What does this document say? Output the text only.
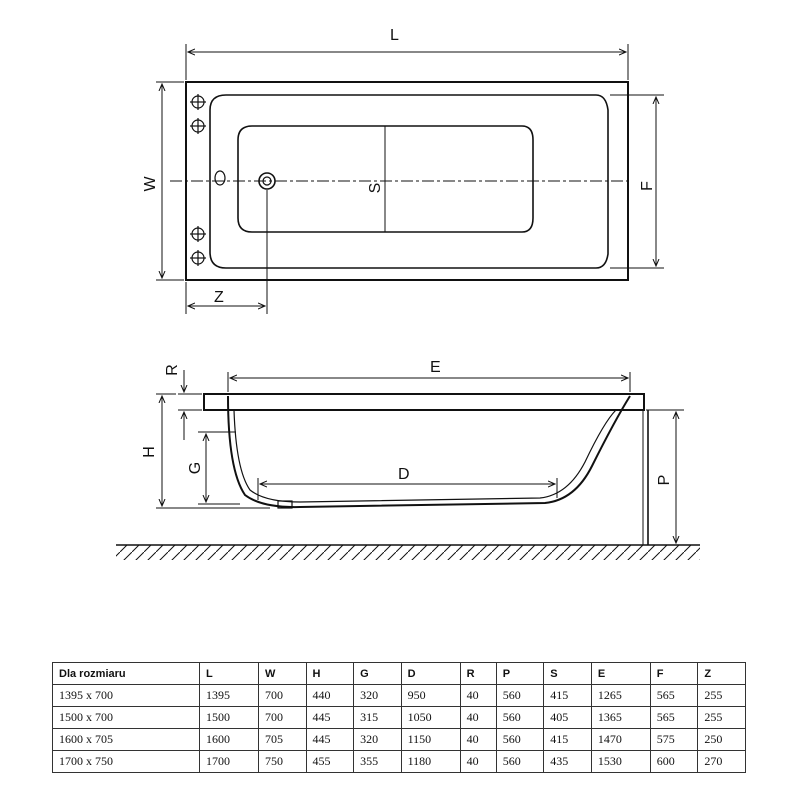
L
W	S	F
Z
E
R
H
G	D	P
Dla rozmiaru	L	W	H	G	D	R	P	S	E	F	Z
1395 x 700	1395	700	440	320	950	40	560	415	1265	565	255
1500 x 700	1500	700	445	315	1050	40	560	405	1365	565	255
1600 x 705	1600	705	445	320	1150	40	560	415	1470	575	250
1700 x 750	1700	750	455	355	1180	40	560	435	1530	600	270
